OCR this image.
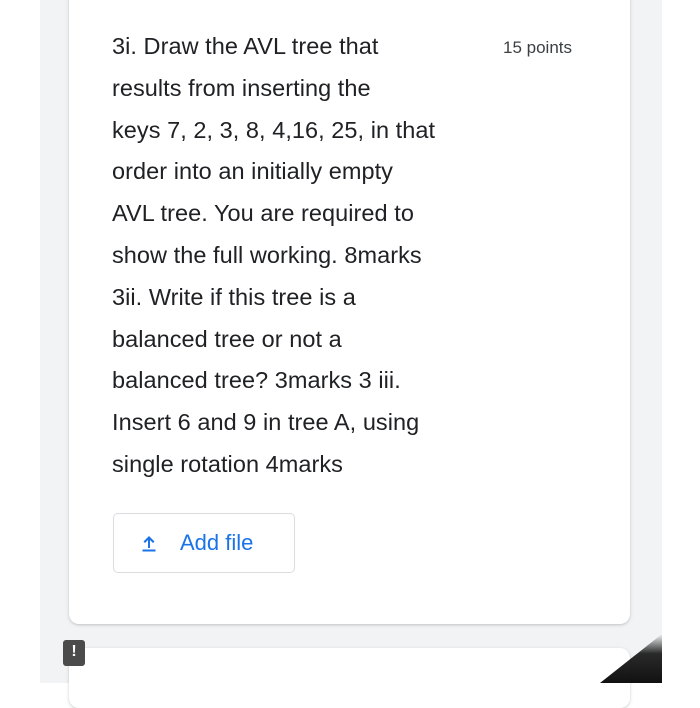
3i. Draw the AVL tree that
results from inserting the
keys 7, 2, 3, 8, 4,16, 25, in that
order into an initially empty
AVL tree. You are required to
show the full working. 8marks
3ii. Write if this tree is a
balanced tree or not a
balanced tree? 3marks 3 iii.
Insert 6 and 9 in tree A, using
single rotation 4marks

15 points
Add file
!
